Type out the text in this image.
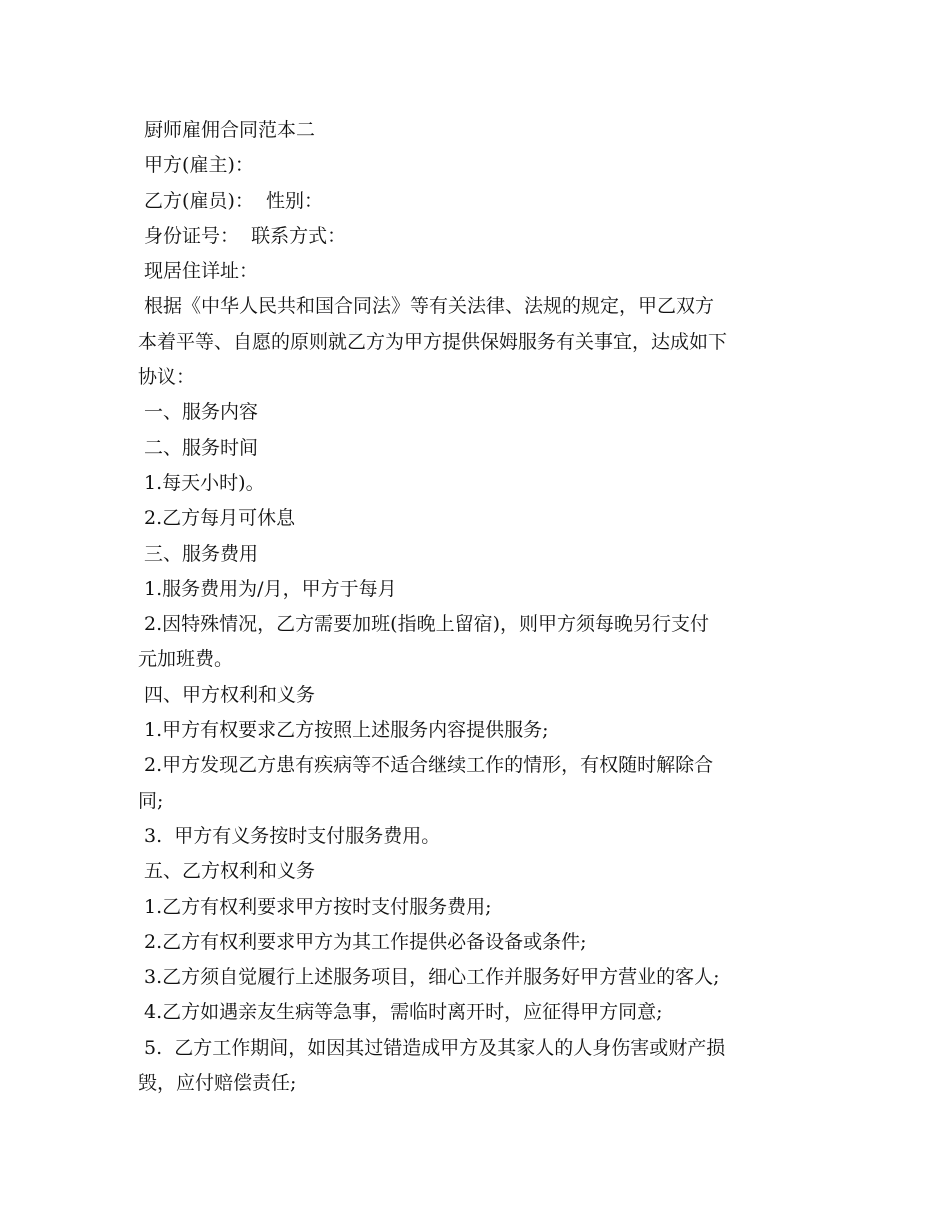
厨师雇佣合同范本二
甲方(雇主)：
乙方(雇员)：  性别：
身份证号：  联系方式：
现居住详址：
根据《中华人民共和国合同法》等有关法律、法规的规定，甲乙双方
本着平等、自愿的原则就乙方为甲方提供保姆服务有关事宜，达成如下
协议：
一、服务内容
二、服务时间
1.每天小时)。
2.乙方每月可休息
三、服务费用
1.服务费用为/月，甲方于每月
2.因特殊情况，乙方需要加班(指晚上留宿)，则甲方须每晚另行支付
元加班费。
四、甲方权利和义务
1.甲方有权要求乙方按照上述服务内容提供服务;
2.甲方发现乙方患有疾病等不适合继续工作的情形，有权随时解除合
同;
3.  甲方有义务按时支付服务费用。
五、乙方权利和义务
1.乙方有权利要求甲方按时支付服务费用;
2.乙方有权利要求甲方为其工作提供必备设备或条件;
3.乙方须自觉履行上述服务项目，细心工作并服务好甲方营业的客人;
4.乙方如遇亲友生病等急事，需临时离开时，应征得甲方同意;
5.  乙方工作期间，如因其过错造成甲方及其家人的人身伤害或财产损
毁，应付赔偿责任;
